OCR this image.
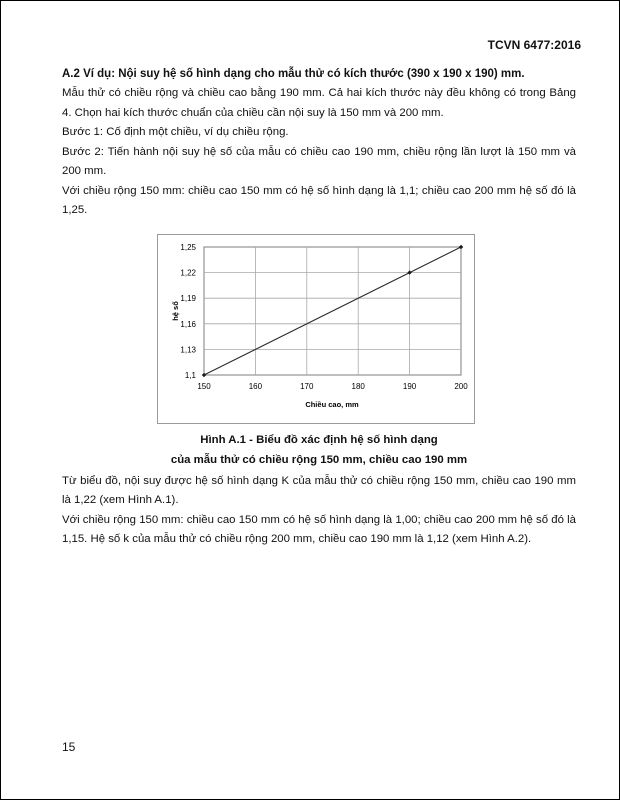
TCVN 6477:2016

A.2 Ví dụ: Nội suy hệ số hình dạng cho mẫu thử có kích thước (390 x 190 x 190) mm.

Mẫu thử có chiều rộng và chiều cao bằng 190 mm. Cả hai kích thước này đều không có trong Bảng 4. Chọn hai kích thước chuẩn của chiều cần nội suy là 150 mm và 200 mm.

Bước 1: Cố định một chiều, ví dụ chiều rộng.

Bước 2: Tiến hành nội suy hệ số của mẫu có chiều cao 190 mm, chiều rộng lần lượt là 150 mm và 200 mm.

Với chiều rộng 150 mm: chiều cao 150 mm có hệ số hình dạng là 1,1; chiều cao 200 mm hệ số đó là 1,25.

150	160	170	180	190	200
1,1
1,13
1,16
1,19
1,22
1,25
Chiều cao, mm
hệ số
Hình A.1 - Biểu đồ xác định hệ số hình dạng
của mẫu thử có chiều rộng 150 mm, chiều cao 190 mm

Từ biểu đồ, nội suy được hệ số hình dạng K của mẫu thử có chiều rộng 150 mm, chiều cao 190 mm là 1,22 (xem Hình A.1).

Với chiều rộng 150 mm: chiều cao 150 mm có hệ số hình dạng là 1,00; chiều cao 200 mm hệ số đó là 1,15. Hệ số k của mẫu thử có chiều rộng 200 mm, chiều cao 190 mm là 1,12 (xem Hình A.2).

15
